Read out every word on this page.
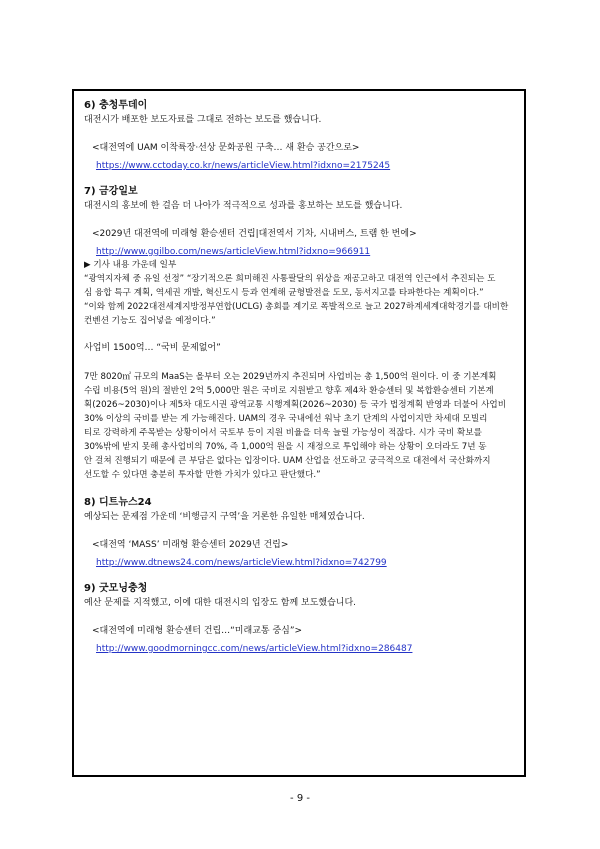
6) 충청투데이

대전시가 배포한 보도자료를 그대로 전하는 보도를 했습니다.

<대전역에 UAM 이착륙장·선상 문화공원 구축… 새 환승 공간으로>

https://www.cctoday.co.kr/news/articleView.html?idxno=2175245

7) 금강일보

대전시의 홍보에 한 걸음 더 나아가 적극적으로 성과를 홍보하는 보도를 했습니다.

<2029년 대전역에 미래형 환승센터 건립|대전역서 기차, 시내버스, 트램 한 번에>

http://www.ggilbo.com/news/articleView.html?idxno=966911

▶ 기사 내용 가운데 일부

“광역지자체 중 유일 선정” “장기적으론 희미해진 사통팔달의 위상을 재공고하고 대전역 인근에서 추진되는 도

심 융합 특구 계획, 역세권 개발, 혁신도시 등과 연계해 균형발전을 도모, 동서지고를 타파한다는 계획이다.”

“이와 함께 2022대전세계지방정부연합(UCLG) 총회를 계기로 폭발적으로 늘고 2027하계세계대학경기를 대비한

컨벤션 기능도 집어넣을 예정이다.”

사업비 1500억… “국비 문제없어”

7만 8020㎡ 규모의 MaaS는 올부터 오는 2029년까지 추진되며 사업비는 총 1,500억 원이다. 이 중 기본계획

수립 비용(5억 원)의 절반인 2억 5,000만 원은 국비로 지원받고 향후 제4차 환승센터 및 복합환승센터 기본계

획(2026~2030)이나 제5차 대도시권 광역교통 시행계획(2026~2030) 등 국가 법정계획 반영과 더불어 사업비

30% 이상의 국비를 받는 게 가능해진다. UAM의 경우 국내에선 워낙 초기 단계의 사업이지만 차세대 모빌리

티로 강력하게 주목받는 상황이어서 국토부 등이 지원 비율을 더욱 늘릴 가능성이 적잖다. 시가 국비 확보를

30%밖에 받지 못해 총사업비의 70%, 즉 1,000억 원을 시 재정으로 투입해야 하는 상황이 오더라도 7년 동

안 걸쳐 진행되기 때문에 큰 부담은 없다는 입장이다. UAM 산업을 선도하고 궁극적으로 대전에서 국산화까지

선도할 수 있다면 충분히 투자할 만한 가치가 있다고 판단했다.”

8) 디트뉴스24

예상되는 문제점 가운데 ‘비행금지 구역’을 거론한 유일한 매체였습니다.

<대전역 ‘MASS’ 미래형 환승센터 2029년 건립>

http://www.dtnews24.com/news/articleView.html?idxno=742799

9) 굿모닝충청

예산 문제를 지적했고, 이에 대한 대전시의 입장도 함께 보도했습니다.

<대전역에 미래형 환승센터 건립…“미래교통 중심”>

http://www.goodmorningcc.com/news/articleView.html?idxno=286487

- 9 -
